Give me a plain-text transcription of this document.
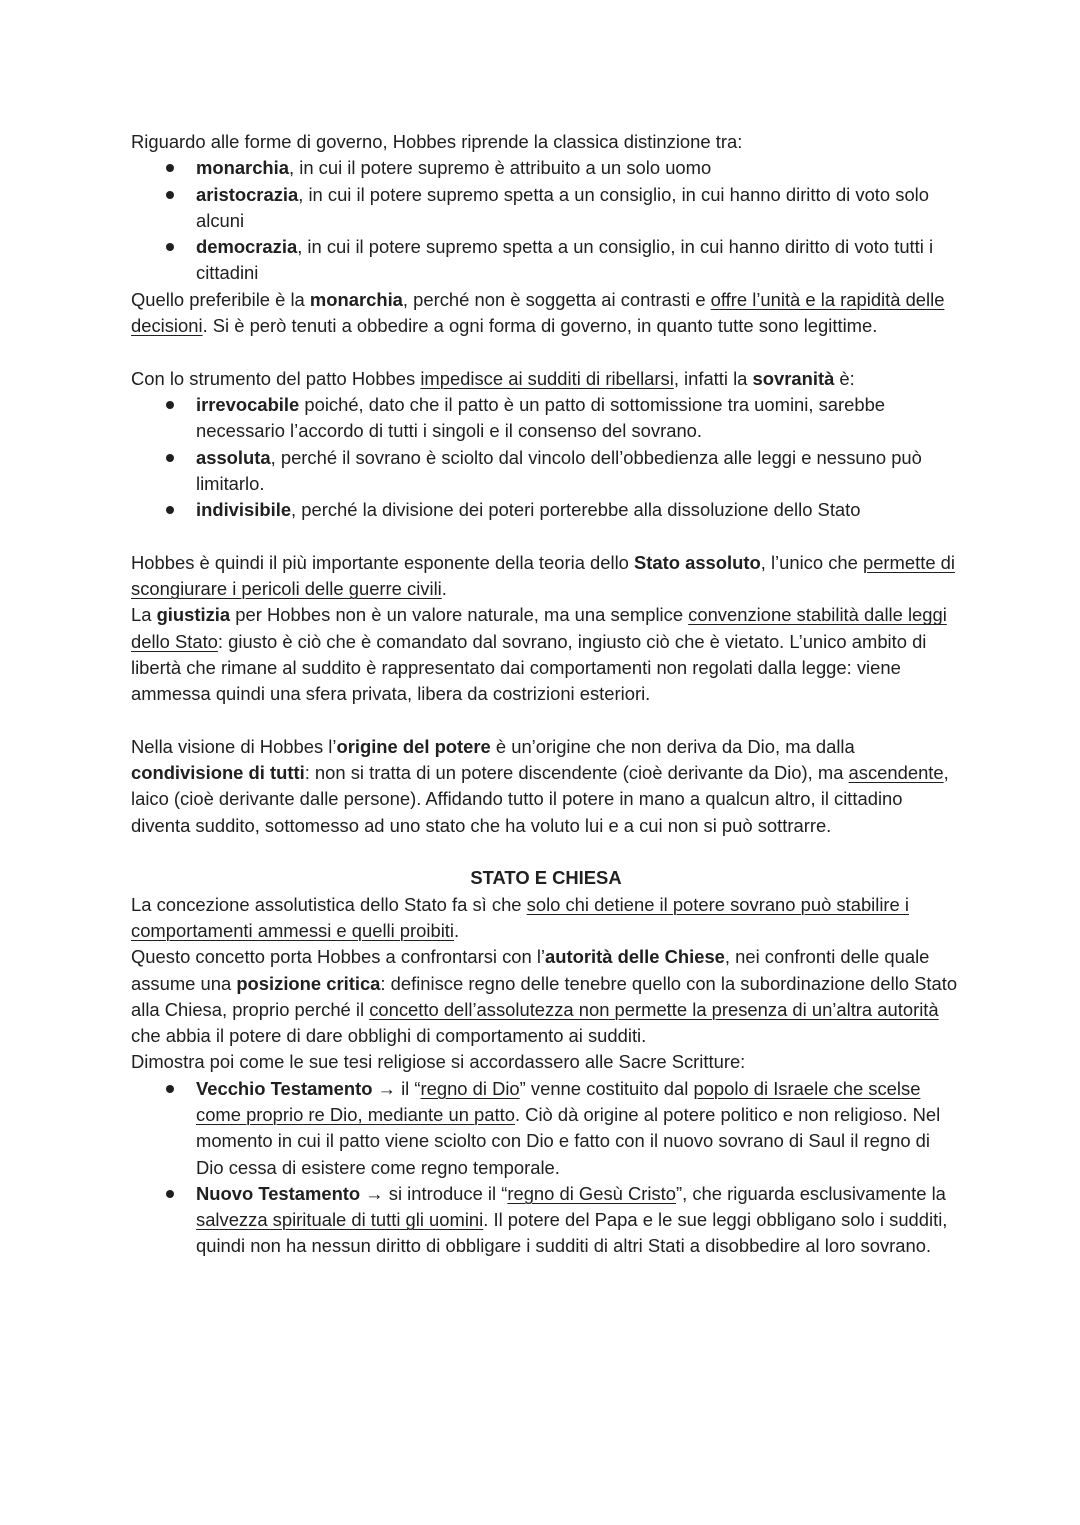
Riguardo alle forme di governo, Hobbes riprende la classica distinzione tra:

monarchia, in cui il potere supremo è attribuito a un solo uomo
aristocrazia, in cui il potere supremo spetta a un consiglio, in cui hanno diritto di voto solo alcuni
democrazia, in cui il potere supremo spetta a un consiglio, in cui hanno diritto di voto tutti i cittadini

Quello preferibile è la monarchia, perché non è soggetta ai contrasti e offre l’unità e la rapidità delle decisioni. Si è però tenuti a obbedire a ogni forma di governo, in quanto tutte sono legittime.

Con lo strumento del patto Hobbes impedisce ai sudditi di ribellarsi, infatti la sovranità è:

irrevocabile poiché, dato che il patto è un patto di sottomissione tra uomini, sarebbe necessario l’accordo di tutti i singoli e il consenso del sovrano.
assoluta, perché il sovrano è sciolto dal vincolo dell’obbedienza alle leggi e nessuno può limitarlo.
indivisibile, perché la divisione dei poteri porterebbe alla dissoluzione dello Stato

Hobbes è quindi il più importante esponente della teoria dello Stato assoluto, l’unico che permette di scongiurare i pericoli delle guerre civili.

La giustizia per Hobbes non è un valore naturale, ma una semplice convenzione stabilità dalle leggi dello Stato: giusto è ciò che è comandato dal sovrano, ingiusto ciò che è vietato. L’unico ambito di libertà che rimane al suddito è rappresentato dai comportamenti non regolati dalla legge: viene ammessa quindi una sfera privata, libera da costrizioni esteriori.

Nella visione di Hobbes l’origine del potere è un’origine che non deriva da Dio, ma dalla condivisione di tutti: non si tratta di un potere discendente (cioè derivante da Dio), ma ascendente, laico (cioè derivante dalle persone). Affidando tutto il potere in mano a qualcun altro, il cittadino diventa suddito, sottomesso ad uno stato che ha voluto lui e a cui non si può sottrarre.

STATO E CHIESA

La concezione assolutistica dello Stato fa sì che solo chi detiene il potere sovrano può stabilire i comportamenti ammessi e quelli proibiti.

Questo concetto porta Hobbes a confrontarsi con l’autorità delle Chiese, nei confronti delle quale assume una posizione critica: definisce regno delle tenebre quello con la subordinazione dello Stato alla Chiesa, proprio perché il concetto dell’assolutezza non permette la presenza di un’altra autorità che abbia il potere di dare obblighi di comportamento ai sudditi.

Dimostra poi come le sue tesi religiose si accordassero alle Sacre Scritture:

Vecchio Testamento → il “regno di Dio” venne costituito dal popolo di Israele che scelse come proprio re Dio, mediante un patto. Ciò dà origine al potere politico e non religioso. Nel momento in cui il patto viene sciolto con Dio e fatto con il nuovo sovrano di Saul il regno di Dio cessa di esistere come regno temporale.
Nuovo Testamento → si introduce il “regno di Gesù Cristo”, che riguarda esclusivamente la salvezza spirituale di tutti gli uomini. Il potere del Papa e le sue leggi obbligano solo i sudditi, quindi non ha nessun diritto di obbligare i sudditi di altri Stati a disobbedire al loro sovrano.
